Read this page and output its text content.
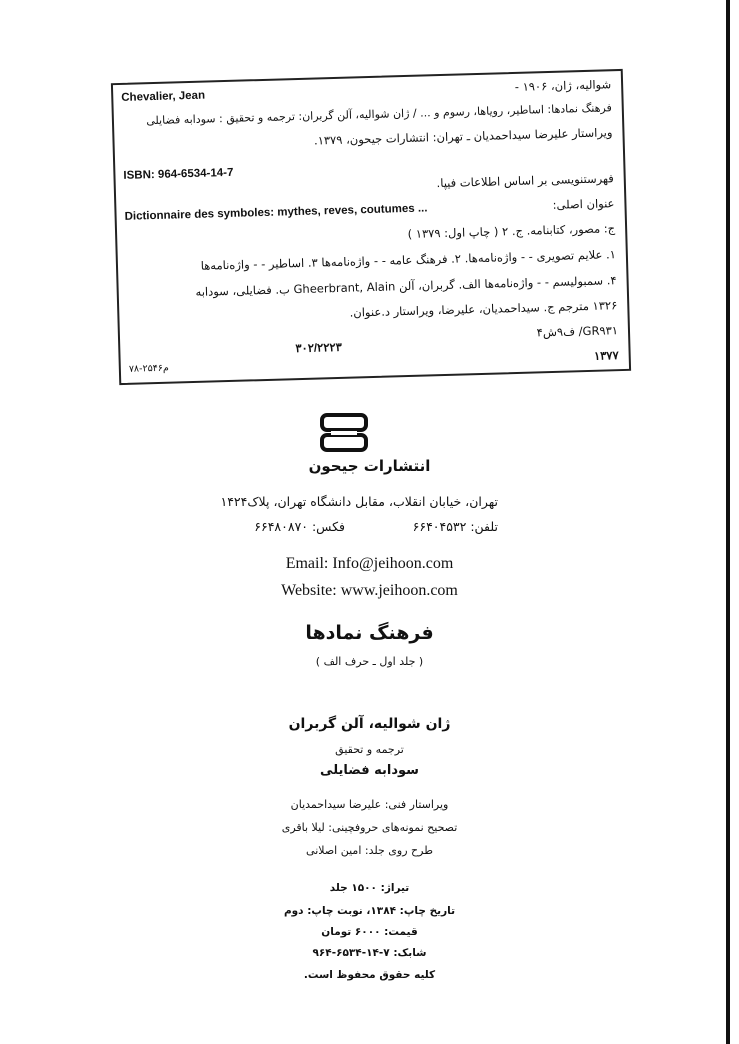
Chevalier, Jean
شوالیه، ژان، ۱۹۰۶ -
فرهنگ نمادها: اساطیر، رویاها، رسوم و ... / ژان شوالیه، آلن گربران: ترجمه و تحقیق : سودابه فضایلی
ویراستار علیرضا سیداحمدیان ـ تهران: انتشارات جیحون، ۱۳۷۹.
ISBN: 964-6534-14-7	فهرستنویسی بر اساس اطلاعات فیپا.
Dictionnaire des symboles: mythes, reves, coutumes ...	عنوان اصلی:
ج: مصور، کتابنامه. ج. ۲ ( چاپ اول: ۱۳۷۹ )
۱. علایم تصویری - - واژه‌نامه‌ها. ۲. فرهنگ عامه - - واژه‌نامه‌ها ۳. اساطیر - - واژه‌نامه‌ها
۴. سمبولیسم - - واژه‌نامه‌ها الف. گربران، آلن Gheerbrant, Alain ب. فضایلی، سودابه
۱۳۲۶ مترجم ج. سیداحمدیان، علیرضا، ویراستار د.عنوان.
۴ف۹ش /GR۹۳۱
۳۰۲/۲۲۲۳
۱۳۷۷
م۲۵۴۶-۷۸
انتشارات جیحون
تهران، خیابان انقلاب، مقابل دانشگاه تهران، پلاک۱۴۲۴
تلفن: ۶۶۴۰۴۵۳۲
فکس: ۶۶۴۸۰۸۷۰
Email: Info@jeihoon.com
Website: www.jeihoon.com
فرهنگ نمادها
( جلد اول ـ حرف الف )
ژان شوالیه، آلن گربران
ترجمه و تحقیق
سودابه فضایلی
ویراستار فنی: علیرضا سیداحمدیان
تصحیح نمونه‌های حروفچینی: لیلا باقری
طرح روی جلد: امین اصلانی
تیراژ: ۱۵۰۰ جلد
تاریخ چاپ: ۱۳۸۴، نوبت چاپ: دوم
قیمت: ۶۰۰۰ تومان
شابک: ۷-۱۴-۶۵۳۴-۹۶۴
کلیه حقوق محفوظ است.
